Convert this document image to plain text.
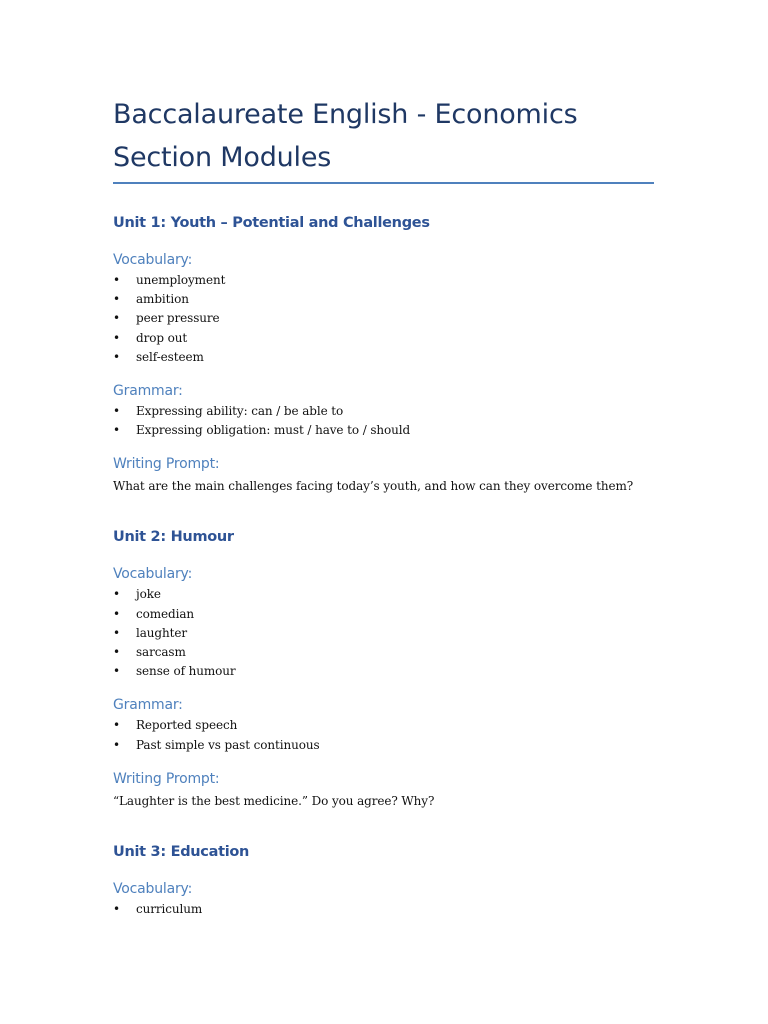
Baccalaureate English - Economics
Section Modules
Unit 1: Youth – Potential and Challenges
Vocabulary:
• unemployment
• ambition
• peer pressure
• drop out
• self-esteem
Grammar:
• Expressing ability: can / be able to
• Expressing obligation: must / have to / should
Writing Prompt:

What are the main challenges facing today’s youth, and how can they overcome them?

Unit 2: Humour
Vocabulary:
• joke
• comedian
• laughter
• sarcasm
• sense of humour
Grammar:
• Reported speech
• Past simple vs past continuous
Writing Prompt:

“Laughter is the best medicine.” Do you agree? Why?

Unit 3: Education
Vocabulary:
• curriculum
